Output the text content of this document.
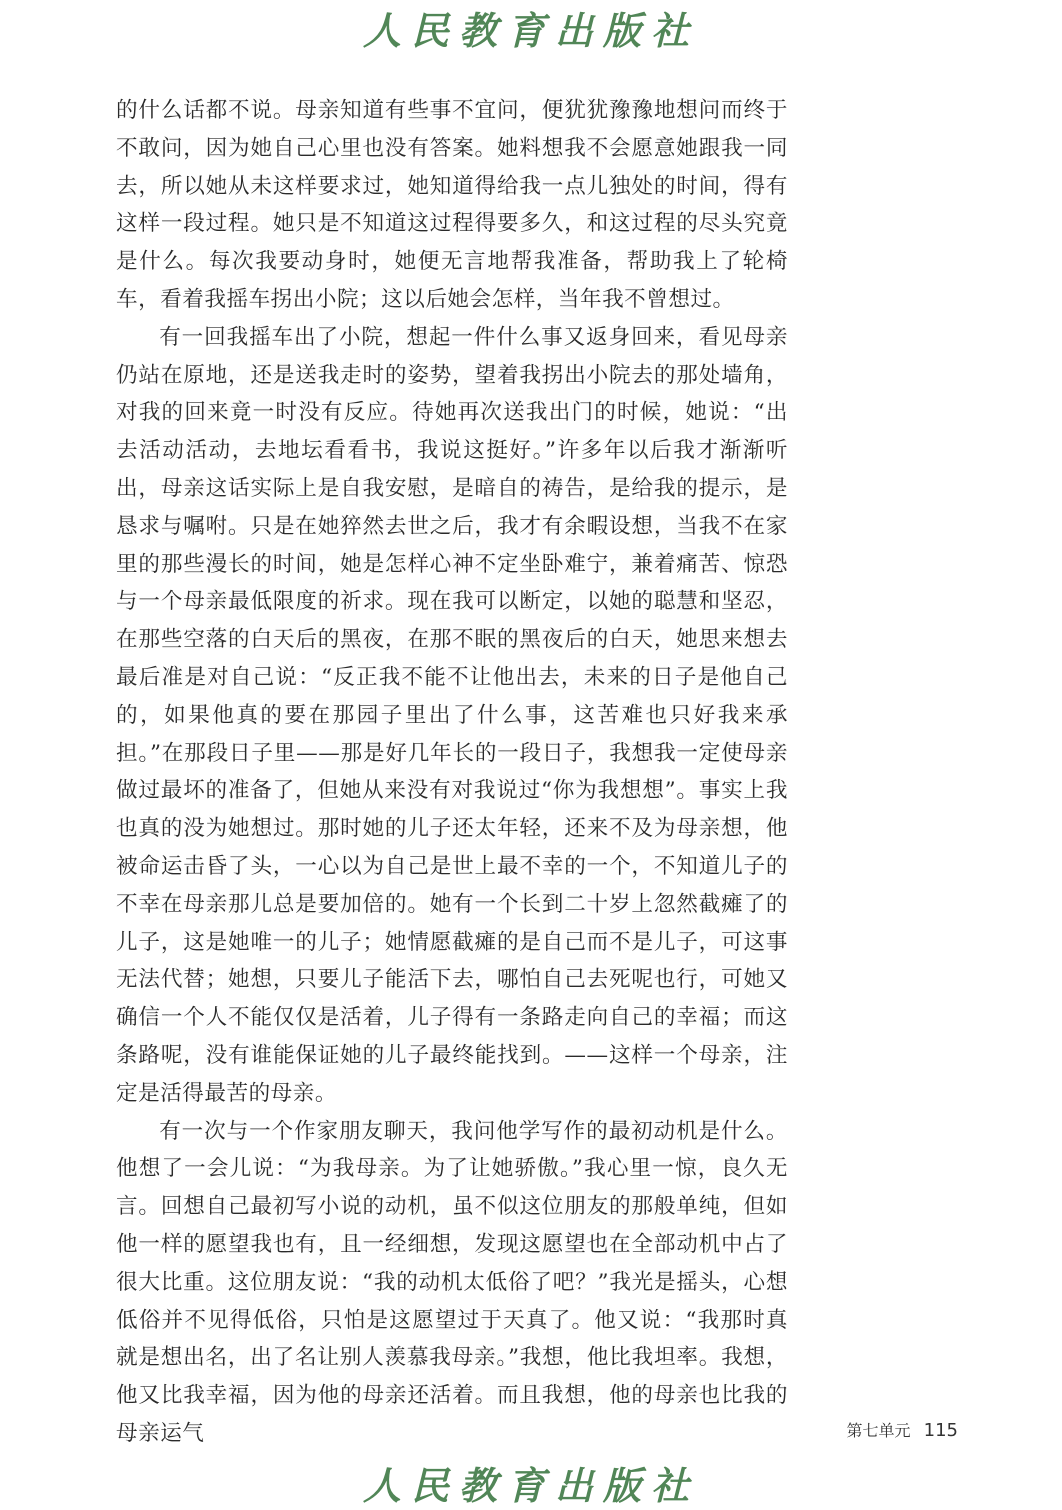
人民教育出版社

的什么话都不说。母亲知道有些事不宜问，便犹犹豫豫地想问而终于不敢问，因为她自己心里也没有答案。她料想我不会愿意她跟我一同去，所以她从未这样要求过，她知道得给我一点儿独处的时间，得有这样一段过程。她只是不知道这过程得要多久，和这过程的尽头究竟是什么。每次我要动身时，她便无言地帮我准备，帮助我上了轮椅车，看着我摇车拐出小院；这以后她会怎样，当年我不曾想过。

有一回我摇车出了小院，想起一件什么事又返身回来，看见母亲仍站在原地，还是送我走时的姿势，望着我拐出小院去的那处墙角，对我的回来竟一时没有反应。待她再次送我出门的时候，她说：“出去活动活动，去地坛看看书，我说这挺好。”许多年以后我才渐渐听出，母亲这话实际上是自我安慰，是暗自的祷告，是给我的提示，是恳求与嘱咐。只是在她猝然去世之后，我才有余暇设想，当我不在家里的那些漫长的时间，她是怎样心神不定坐卧难宁，兼着痛苦、惊恐与一个母亲最低限度的祈求。现在我可以断定，以她的聪慧和坚忍，在那些空落的白天后的黑夜，在那不眠的黑夜后的白天，她思来想去最后准是对自己说：“反正我不能不让他出去，未来的日子是他自己的，如果他真的要在那园子里出了什么事，这苦难也只好我来承担。”在那段日子里——那是好几年长的一段日子，我想我一定使母亲做过最坏的准备了，但她从来没有对我说过“你为我想想”。事实上我也真的没为她想过。那时她的儿子还太年轻，还来不及为母亲想，他被命运击昏了头，一心以为自己是世上最不幸的一个，不知道儿子的不幸在母亲那儿总是要加倍的。她有一个长到二十岁上忽然截瘫了的儿子，这是她唯一的儿子；她情愿截瘫的是自己而不是儿子，可这事无法代替；她想，只要儿子能活下去，哪怕自己去死呢也行，可她又确信一个人不能仅仅是活着，儿子得有一条路走向自己的幸福；而这条路呢，没有谁能保证她的儿子最终能找到。——这样一个母亲，注定是活得最苦的母亲。

有一次与一个作家朋友聊天，我问他学写作的最初动机是什么。他想了一会儿说：“为我母亲。为了让她骄傲。”我心里一惊，良久无言。回想自己最初写小说的动机，虽不似这位朋友的那般单纯，但如他一样的愿望我也有，且一经细想，发现这愿望也在全部动机中占了很大比重。这位朋友说：“我的动机太低俗了吧？”我光是摇头，心想低俗并不见得低俗，只怕是这愿望过于天真了。他又说：“我那时真就是想出名，出了名让别人羡慕我母亲。”我想，他比我坦率。我想，他又比我幸福，因为他的母亲还活着。而且我想，他的母亲也比我的母亲运气	第七单元 115
人民教育出版社
